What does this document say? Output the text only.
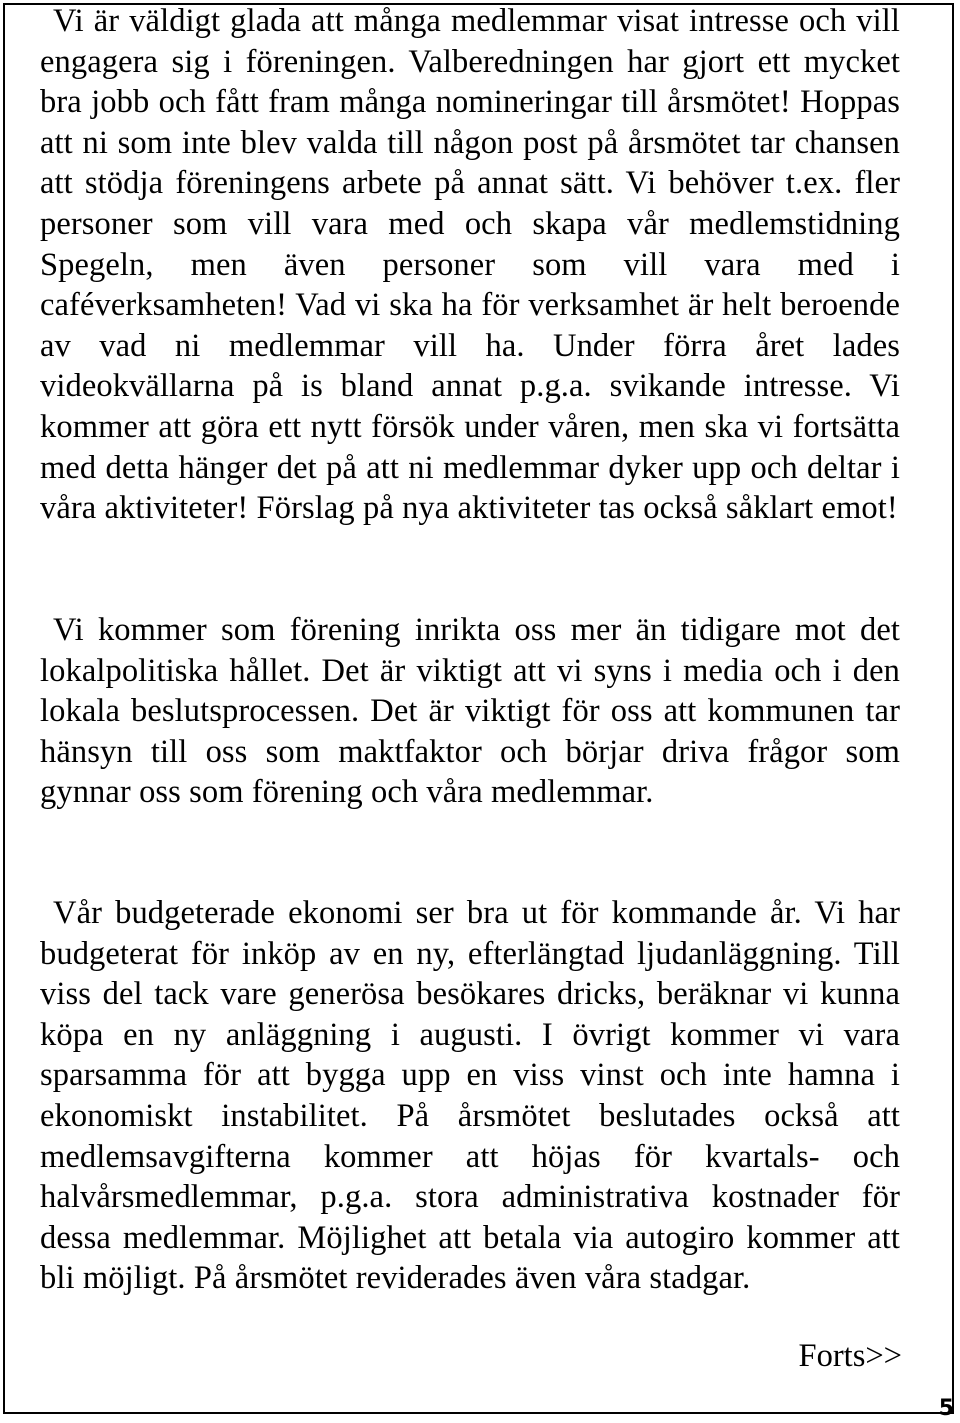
Vi är väldigt glada att många medlemmar visat intresse och vill engagera sig i föreningen. Valberedningen har gjort ett mycket bra jobb och fått fram många nomineringar till årsmötet! Hoppas att ni som inte blev valda till någon post på årsmötet tar chansen att stödja föreningens arbete på annat sätt. Vi behöver t.ex. fler personer som vill vara med och skapa vår medlemstidning Spegeln, men även personer som vill vara med i caféverksamheten! Vad vi ska ha för verksamhet är helt beroende av vad ni medlemmar vill ha. Under förra året lades videokvällarna på is bland annat p.g.a. svikande intresse. Vi kommer att göra ett nytt försök under våren, men ska vi fortsätta med detta hänger det på att ni medlemmar dyker upp och deltar i våra aktiviteter! Förslag på nya aktiviteter tas också såklart emot!

Vi kommer som förening inrikta oss mer än tidigare mot det lokalpolitiska hållet. Det är viktigt att vi syns i media och i den lokala beslutsprocessen. Det är viktigt för oss att kommunen tar hänsyn till oss som maktfaktor och börjar driva frågor som gynnar oss som förening och våra medlemmar.

Vår budgeterade ekonomi ser bra ut för kommande år. Vi har budgeterat för inköp av en ny, efterlängtad ljudanläggning. Till viss del tack vare generösa besökares dricks, beräknar vi kunna köpa en ny anläggning i augusti. I övrigt kommer vi vara sparsamma för att bygga upp en viss vinst och inte hamna i ekonomiskt instabilitet. På årsmötet beslutades också att medlemsavgifterna kommer att höjas för kvartals- och halvårsmedlemmar, p.g.a. stora administrativa kostnader för dessa medlemmar. Möjlighet att betala via autogiro kommer att bli möjligt. På årsmötet reviderades även våra stadgar.

Forts>>
5
